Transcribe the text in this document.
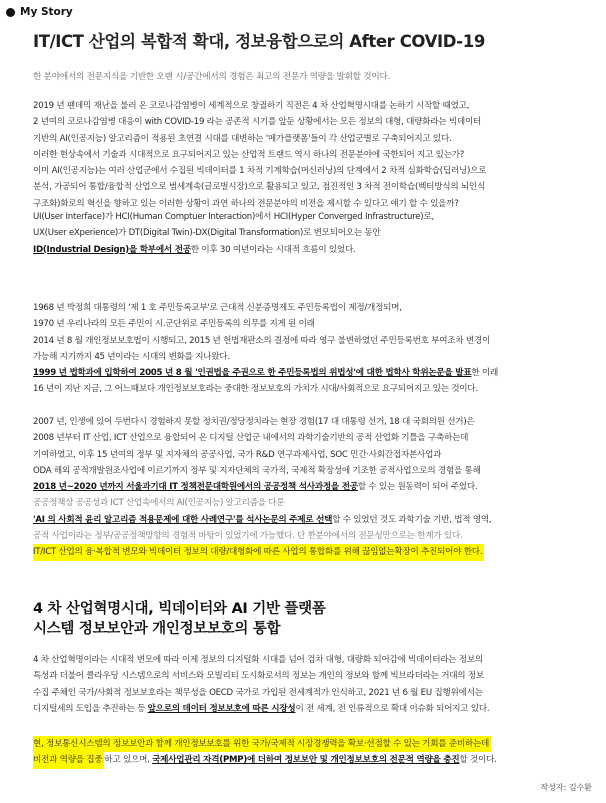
My Story
IT/ICT 산업의 복합적 확대, 정보융합으로의 After COVID-19
한 분야에서의 전문지식을 기반한 오랜 시/공간에서의 경험은 최고의 전문가 역량을 발휘할 것이다.
2019 년 팬데믹 재난을 불러 온 코로나감염병이 세계적으로 창궐하기 직전은 4 차 산업혁명시대를 논하기 시작할 때였고,
2 년여의 코로나감염병 대응이 with COVID-19 라는 공존적 시기를 앞둔 상황에서는 모든 정보의 대형, 대량화라는 빅데이터
기반의 AI(인공지능) 알고리즘이 적용된 초연결 시대를 대변하는 '메가플랫폼'들이 각 산업군별로 구축되어지고 있다.
이러한 현상속에서 기술과 시대적으로 요구되어지고 있는 산업적 트랜드 역시 하나의 전문분야에 국한되어 지고 있는가?
이미 AI(인공지능)는 여러 산업군에서 수집된 빅데이터를 1 차적 기계학습(머신러닝)의 단계에서 2 차적 심화학습(딥러닝)으로
분석, 가공되어 통합/융합적 산업으로 범세계속(글로벌시장)으로 활용되고 있고, 점진적인 3 차적 전이학습(벡터방식의 뇌인식
구조화)화로의 혁신을 향하고 있는 이러한 상황이 과연 하나의 전문분야의 비전을 제시할 수 있다고 얘기 할 수 있을까?
UI(User Interface)가 HCI(Human Comptuer Interaction)에서 HCI(Hyper Converged Infrastructure)로,
UX(User eXperience)가 DT(Digital Twin)-DX(Digital Transformation)로 변모되어오는 동안
ID(Industrial Design)을 학부에서 전공한 이후 30 여년이라는 시대적 흐름이 있었다.
1968 년 박정희 대통령의 '제 1 호 주민등록교부'로 근대적 신분증명제도 주민등록법이 제정/개정되며,
1970 년 우리나라의 모든 주민이 시.군단위로 주민등록의 의무를 지게 된 이래
2014 년 8 월 개인정보보호법이 시행되고, 2015 년 헌법재판소의 결정에 따라 영구 불변하였던 주민등록번호 부여조차 변경이
가능해 지기까지 45 년이라는 시대의 변화를 지나왔다.
1999 년 법학과에 입학하여 2005 년 8 월 '인권법을 주권으로 한 주민등록법의 위법성'에 대한 법학사 학위논문을 발표한 이래
16 년이 지난 지금, 그 어느때보다 개인정보보호라는 중대한 정보보호의 가치가 시대/사회적으로 요구되어지고 있는 것이다.
2007 년, 인생에 있어 두번다시 경험하지 못할 정치권/정당정치라는 현장 경험(17 대 대통령 선거, 18 대 국회의원 선거)은
2008 년부터 IT 산업, ICT 산업으로 융합되어 온 디지털 산업군 내에서의 과학기술기반의 공적 산업화 기틀을 구축하는데
기여하였고, 이후 15 년여의 정부 및 지자체의 공공사업, 국가 R&D 연구과제사업, SOC 민간·사회간접자본사업과
ODA 해외 공적개발원조사업에 이르기까지 정부 및 지자단체의 국가적, 국제적 확장성에 기조한 공적사업으로의 경험을 통해
2018 년~2020 년까지 서울과기대 IT 정책전문대학원에서의 공공정책 석사과정을 전공할 수 있는 원동력이 되어 주었다.
공공정책상 공공성과 ICT 산업속에서의 AI(인공지능) 알고리즘을 다룬
'AI 의 사회적 윤리 알고리즘 적용문제에 대한 사례연구'를 석사논문의 주제로 선택할 수 있었던 것도 과학기술 기반, 법적 영역,
공적 사업이라는 정부/공공정책방향의 경험적 바탕이 있었기에 가능했다. 단 한분야에서의 전문성만으로는 한계가 있다.
IT/ICT 산업의 융·복합적 변모와 빅데이터 정보의 대량/대형화에 따른 사업의 통합화를 위해 끊임없는확장이 추진되어야 한다.
4 차 산업혁명시대, 빅데이터와 AI 기반 플랫폼
시스템 정보보안과 개인정보보호의 통합
4 차 산업혁명이라는 시대적 변모에 따라 이제 정보의 디지털화 시대를 넘어 검차 대형, 대량화 되어감에 빅데이터라는 정보의
특성과 더불어 클라우딩 시스템으로의 서비스와 모빌리티 도시화로서의 정보는 개인의 정보와 함께 빅브라더라는 거대의 정보
수집 주체인 국가/사회적 정보보호라는 책무성을 OECD 국가로 가입된 전세계적가 인식하고, 2021 년 6 월 EU 집행위에서는
디지털세의 도입을 추진하는 등 앞으로의 데이터 정보보호에 따른 시장성이 전 세계, 전 인류적으로 확대 이슈화 되어지고 있다.
현, 정보통신시스템의 정보보안과 함께 개인정보보호를 위한 국가/국제적 시장경쟁력을 확보·선점할 수 있는 기회를 준비하는데
비전과 역량을 집중 하고 있으며, 국제사업관리 자격(PMP)에 더하여 정보보안 및 개인정보보호의 전문적 역량을 충진할 것이다.
작성자: 김수환
